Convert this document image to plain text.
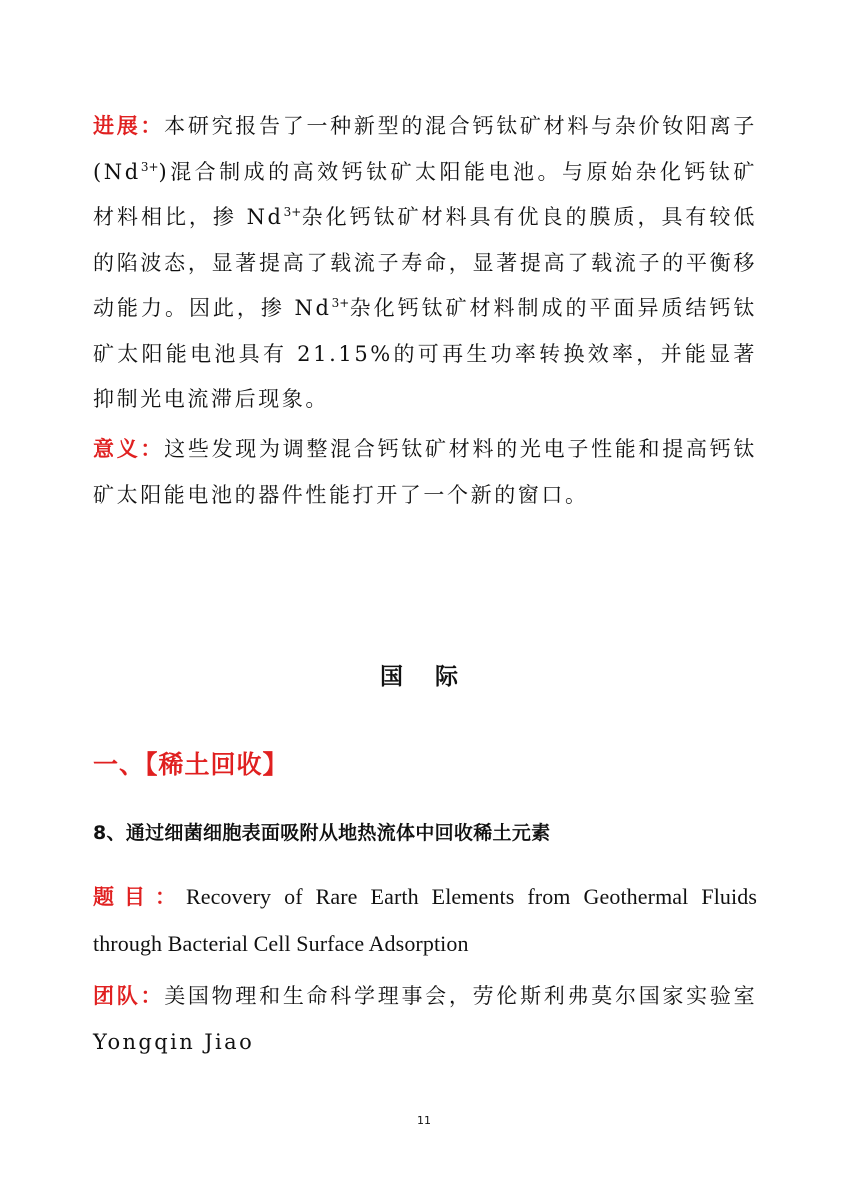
进展：本研究报告了一种新型的混合钙钛矿材料与杂价钕阳离子$(Nd^{3+})$混合制成的高效钙钛矿太阳能电池。与原始杂化钙钛矿材料相比，掺 $Nd^{3+}$杂化钙钛矿材料具有优良的膜质，具有较低的陷波态，显著提高了载流子寿命，显著提高了载流子的平衡移动能力。因此，掺 $Nd^{3+}$杂化钙钛矿材料制成的平面异质结钙钛矿太阳能电池具有 21.15%的可再生功率转换效率，并能显著抑制光电流滞后现象。

意义：这些发现为调整混合钙钛矿材料的光电子性能和提高钙钛矿太阳能电池的器件性能打开了一个新的窗口。

国际
一、【稀土回收】
8、通过细菌细胞表面吸附从地热流体中回收稀土元素

题目：Recovery of Rare Earth Elements from Geothermal Fluids through Bacterial Cell Surface Adsorption

团队：美国物理和生命科学理事会，劳伦斯利弗莫尔国家实验室 Yongqin Jiao

11
